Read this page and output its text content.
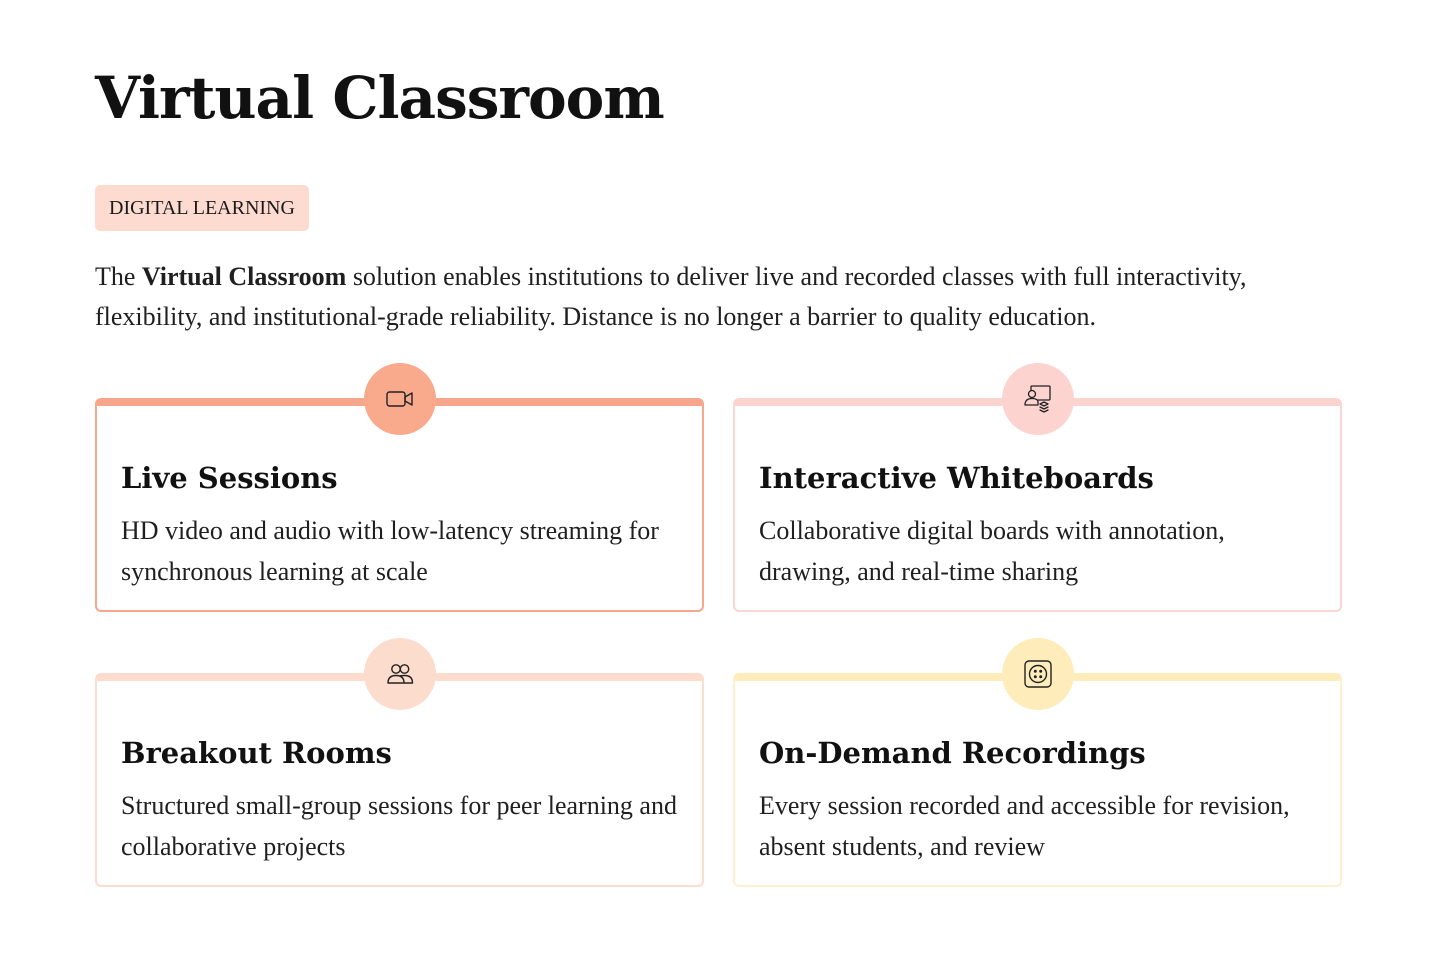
Virtual Classroom
DIGITAL LEARNING

The Virtual Classroom solution enables institutions to deliver live and recorded classes with full interactivity, flexibility, and institutional-grade reliability. Distance is no longer a barrier to quality education.

Live Sessions

HD video and audio with low-latency streaming for synchronous learning at scale

Interactive Whiteboards

Collaborative digital boards with annotation, drawing, and real-time sharing

Breakout Rooms

Structured small-group sessions for peer learning and collaborative projects

On-Demand Recordings

Every session recorded and accessible for revision, absent students, and review
